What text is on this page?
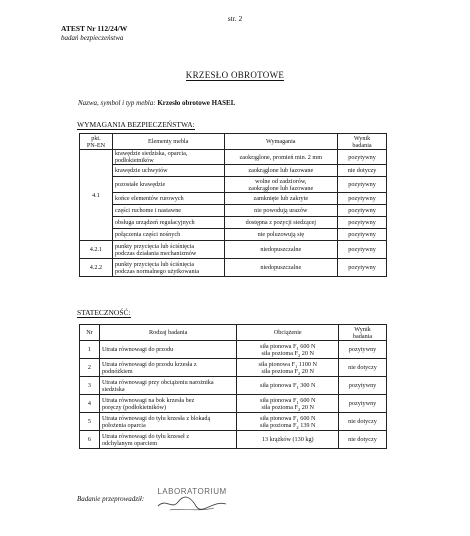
str. 2
ATEST Nr 112/24/W
badań bezpieczeństwa
KRZESŁO OBROTOWE
Nazwa, symbol i typ mebla: Krzesło obrotowe HASEL
WYMAGANIA BEZPIECZEŃSTWA:
pkt.
PN-EN	Elementy mebla	Wymagania	Wynik
badania
4.1	krawędzie siedziska, oparcia,
podłokietników	zaokrąglone, promień min. 2 mm	pozytywny
	krawędzie uchwytów	zaokrąglone lub fazowane	nie dotyczy
	pozostałe krawędzie	wolne od zadziorów,
zaokrąglone lub fazowane	pozytywny
	końce elementów rurowych	zamknięte lub zakryte	pozytywny
	części ruchome i nastawne	nie powodują urazów	pozytywny
	obsługa urządzeń regulacyjnych	dostępna z pozycji siedzącej	pozytywny
	połączenia części nośnych	nie poluzowują się	pozytywny
4.2.1	punkty przycięcia lub ściśnięcia
podczas działania mechanizmów	niedopuszczalne	pozytywny
4.2.2	punkty przycięcia lub ściśnięcia
podczas normalnego użytkowania	niedopuszczalne	pozytywny
STATECZNOŚĆ:
Nr	Rodzaj badania	Obciążenie	Wynik
badania
1	Utrata równowagi do przodu	siła pionowa $F_1$ 600 N
siła pozioma $F_2$ 20 N	pozytywny
2	Utrata równowagi do przodu krzesła z
podnóżkiem	siła pionowa $F_1$ 1100 N
siła pozioma $F_2$ 20 N	nie dotyczy
3	Utrata równowagi przy obciążeniu narożnika
siedziska	siła pionowa $F_1$ 300 N	pozytywny
4	Utrata równowagi na bok krzesła bez
poręczy (podłokietników)	siła pionowa $F_1$ 600 N
siła pozioma $F_2$ 20 N	pozytywny
5	Utrata równowagi do tyłu krzesła z blokadą
położenia oparcia	siła pionowa $F_1$ 600 N
siła pozioma $F_2$ 139 N	nie dotyczy
6	Utrata równowagi do tyłu krzeseł z
odchylanym oparciem	13 krążków (130 kg)	nie dotyczy
Badanie przeprowadził:
LABORATORIUM
